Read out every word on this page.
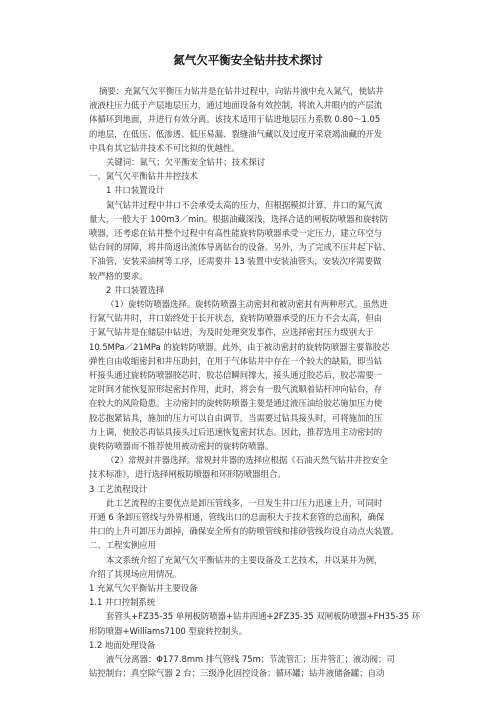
氮气欠平衡安全钻井技术探讨
摘要：充氮气欠平衡压力钻井是在钻井过程中，向钻井液中充入氮气，使钻井
液液柱压力低于产层地层压力，通过地面设备有效控制，将流入井眼内的产层流
体循环到地面，并进行有效分离。该技术适用于钻进地层压力系数 0.80～1.05
的地层，在低压、低渗透、低压易漏、裂缝油气藏以及过度开采衰竭油藏的开发
中具有其它钻井技术不可比拟的优越性。
关键词：氮气；欠平衡安全钻井；技术探讨
一、氮气欠平衡钻井井控技术
1 井口装置设计
氮气钻井过程中井口不会承受太高的压力，但根据模拟计算，井口的氮气流
量大，一般大于 100m3／min。根据油藏深浅，选择合适的闸板防喷器和旋转防
喷器，还考虑在钻井整个过程中有高性能旋转防喷器承受一定压力，建立环空与
钻台间的屏障，将井筒返出流体导离钻台的设备。另外，为了完成不压井起下钻、
下油管，安装采油树等工序，还需要井 13 装置中安装油管头，安装次序需要做
较严格的要求。
2 井口装置选择
（1）旋转防喷器选择。旋转防喷器主动密封和被动密封有两种形式。虽然进
行氮气钻井时，井口始终处于长开状态，旋转防喷器承受的压力不会太高，但由
于氮气钻井是在储层中钻进，为及时处理突发事件，应选择密封压力级别大于
10.5MPa／21MPa 的旋转防喷器。此外，由于被动密封的旋转防喷器主要靠胶芯
弹性自由收缩密封和井压助封，在用于气体钻井中存在一个较大的缺陷，即当钻
杆接头通过旋转防喷器胶芯时，胶芯信瞬间撑大，接头通过胶芯后，胶芯需要一
定时间才能恢复原形起密封作用，此时，将会有一股气流顺着钻杆冲向钻台，存
在较大的风险隐患。主动密封的旋转防喷器主要是通过液压油给胶芯施加压力使
胶芯抱紧钻具，施加的压力可以自由调节，当需要过钻具接头时，可将施加的压
力上调，使胶芯再钻具接头过后迅速恢复密封状态。因此，推荐选用主动密封的
旋转防喷器而不推荐使用被动密封的旋转防喷器。
（2）常规封井器选择。常规封井器的选择应根据《石油天然气钻井井控安全
技术标准》，进行选择闸板防喷器和环形防喷器组合。
3 工艺流程设计
此工艺流程的主要优点是卸压管线多，一旦发生井口压力迅速上升，可同时
开通 6 条卸压管线与外界相通，管线出口的总面积大于技术套管的总面积，确保
井口的上升可卸压力卸掉，确保安全所有的防喷管线和排砂管线均设自动点火装置。
二、工程实例应用
本文系统介绍了充氮气欠平衡钻井的主要设备及工艺技术，并以某井为例，
介绍了其现场应用情况。
1 充氮气欠平衡钻井主要设备
1.1 井口控制系统
套管头+FZ35-35 单闸板防喷器+钻井四通+2FZ35-35 双闸板防喷器+FH35-35 环
形防喷器+Williams7100 型旋转控制头。
1.2 地面处理设备
液气分离器：Φ177.8mm 排气管线 75m；节流管汇；压井管汇；液动阀；司
钻控制台；真空除气器 2 台；三级净化固控设备；循环罐；钻井液储备罐；自动
